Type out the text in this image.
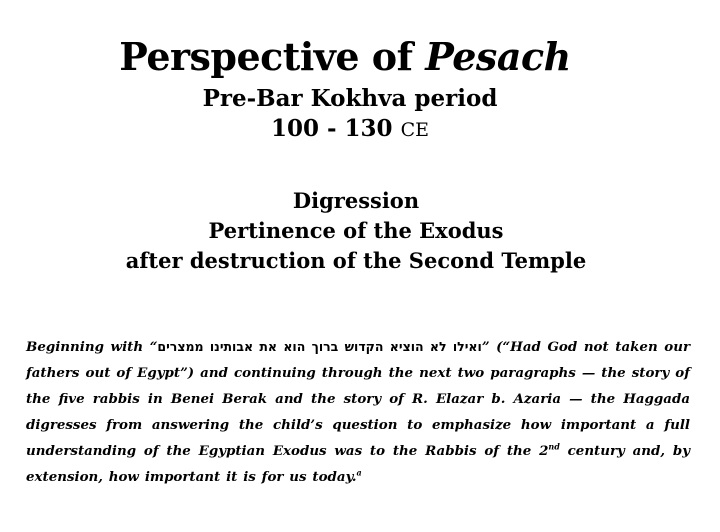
Perspective of Pesach
Pre-Bar Kokhva period
100 - 130 CE
Digression
Pertinence of the Exodus
after destruction of the Second Temple

Beginning with “ואילו לא הוציא הקדוש ברוך הוא את אבותינו ממצרים” (“Had God not taken our fathers out of Egypt”) and continuing through the next two paragraphs — the story of the five rabbis in Benei Berak and the story of R. Elazar b. Azaria — the Haggada digresses from answering the child’s question to emphasize how important a full understanding of the Egyptian Exodus was to the Rabbis of the 2nd century and, by extension, how important it is for us today.$^a$
